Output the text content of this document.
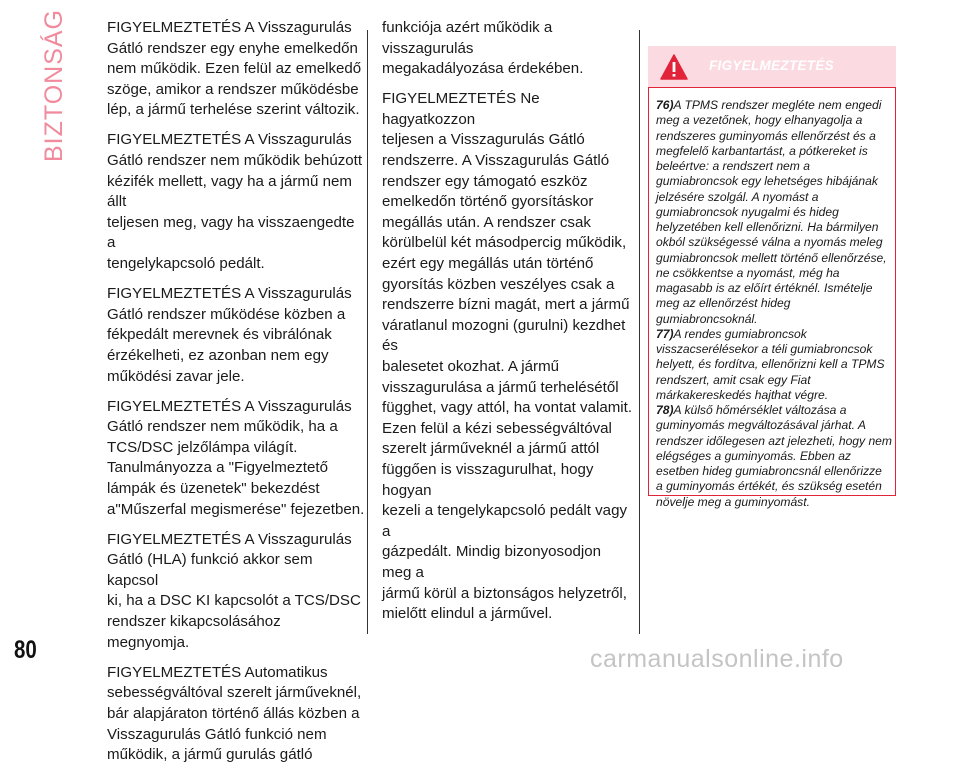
BIZTONSÁG
80

FIGYELMEZTETÉS A Visszagurulás
Gátló rendszer egy enyhe emelkedőn
nem működik. Ezen felül az emelkedő
szöge, amikor a rendszer működésbe
lép, a jármű terhelése szerint változik.

FIGYELMEZTETÉS A Visszagurulás
Gátló rendszer nem működik behúzott
kézifék mellett, vagy ha a jármű nem állt
teljesen meg, vagy ha visszaengedte a
tengelykapcsoló pedált.

FIGYELMEZTETÉS A Visszagurulás
Gátló rendszer működése közben a
fékpedált merevnek és vibrálónak
érzékelheti, ez azonban nem egy
működési zavar jele.

FIGYELMEZTETÉS A Visszagurulás
Gátló rendszer nem működik, ha a
TCS/DSC jelzőlámpa világít.
Tanulmányozza a "Figyelmeztető
lámpák és üzenetek" bekezdést
a"Műszerfal megismerése" fejezetben.

FIGYELMEZTETÉS A Visszagurulás
Gátló (HLA) funkció akkor sem kapcsol
ki, ha a DSC KI kapcsolót a TCS/DSC
rendszer kikapcsolásához megnyomja.

FIGYELMEZTETÉS Automatikus
sebességváltóval szerelt járműveknél,
bár alapjáraton történő állás közben a
Visszagurulás Gátló funkció nem
működik, a jármű gurulás gátló

funkciója azért működik a visszagurulás
megakadályozása érdekében.

FIGYELMEZTETÉS Ne hagyatkozzon
teljesen a Visszagurulás Gátló
rendszerre. A Visszagurulás Gátló
rendszer egy támogató eszköz
emelkedőn történő gyorsításkor
megállás után. A rendszer csak
körülbelül két másodpercig működik,
ezért egy megállás után történő
gyorsítás közben veszélyes csak a
rendszerre bízni magát, mert a jármű
váratlanul mozogni (gurulni) kezdhet és
balesetet okozhat. A jármű
visszagurulása a jármű terhelésétől
függhet, vagy attól, ha vontat valamit.
Ezen felül a kézi sebességváltóval
szerelt járműveknél a jármű attól
függően is visszagurulhat, hogy hogyan
kezeli a tengelykapcsoló pedált vagy a
gázpedált. Mindig bizonyosodjon meg a
jármű körül a biztonságos helyzetről,
mielőtt elindul a járművel.

FIGYELMEZTETÉS

76)A TPMS rendszer megléte nem engedi
meg a vezetőnek, hogy elhanyagolja a
rendszeres guminyomás ellenőrzést és a
megfelelő karbantartást, a pótkereket is
beleértve: a rendszert nem a
gumiabroncsok egy lehetséges hibájának
jelzésére szolgál. A nyomást a
gumiabroncsok nyugalmi és hideg
helyzetében kell ellenőrizni. Ha bármilyen
okból szükségessé válna a nyomás meleg
gumiabroncsok mellett történő ellenőrzése,
ne csökkentse a nyomást, még ha
magasabb is az előírt értéknél. Ismételje
meg az ellenőrzést hideg
gumiabroncsoknál.

77)A rendes gumiabroncsok
visszacserélésekor a téli gumiabroncsok
helyett, és fordítva, ellenőrizni kell a TPMS
rendszert, amit csak egy Fiat
márkakereskedés hajthat végre.

78)A külső hőmérséklet változása a
guminyomás megváltozásával járhat. A
rendszer időlegesen azt jelezheti, hogy nem
elégséges a guminyomás. Ebben az
esetben hideg gumiabroncsnál ellenőrizze
a guminyomás értékét, és szükség esetén
növelje meg a guminyomást.

carmanualsonline.info
